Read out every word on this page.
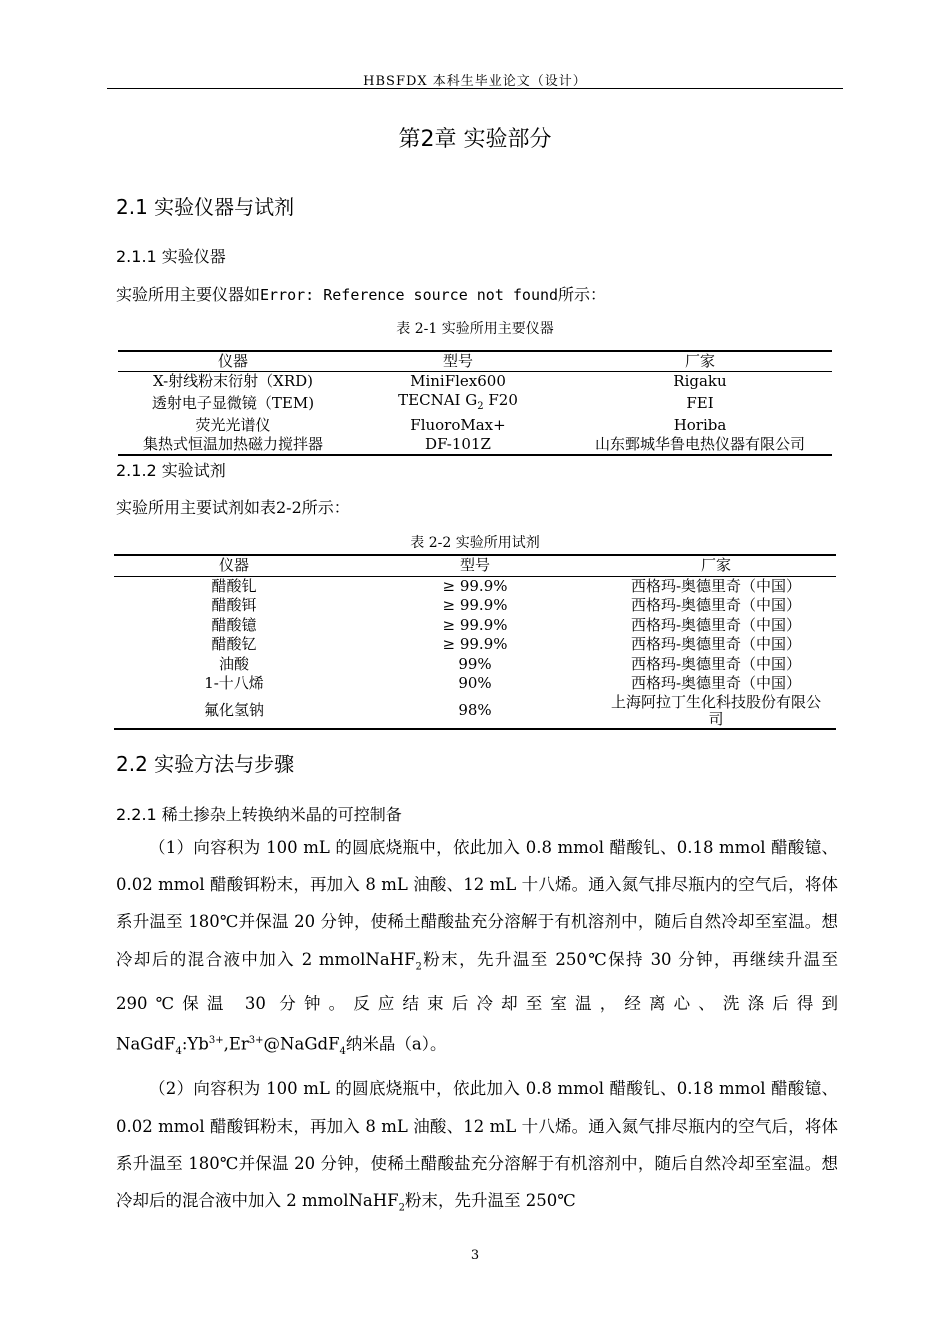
HBSFDX 本科生毕业论文（设计）
第2章 实验部分
2.1 实验仪器与试剂
2.1.1 实验仪器
实验所用主要仪器如Error: Reference source not found所示：
表 2-1 实验所用主要仪器
仪器	型号	厂家
X-射线粉末衍射（XRD)	MiniFlex600	Rigaku
透射电子显微镜（TEM)	TECNAI $G_2$ F20	FEI
荧光光谱仪	FluoroMax+	Horiba
集热式恒温加热磁力搅拌器	DF-101Z	山东鄄城华鲁电热仪器有限公司
2.1.2 实验试剂
实验所用主要试剂如表2-2所示：
表 2-2 实验所用试剂
仪器	型号	厂家
醋酸钆	≥ 99.9%	西格玛-奥德里奇（中国）
醋酸铒	≥ 99.9%	西格玛-奥德里奇（中国）
醋酸镱	≥ 99.9%	西格玛-奥德里奇（中国）
醋酸钇	≥ 99.9%	西格玛-奥德里奇（中国）
油酸	99%	西格玛-奥德里奇（中国）
1-十八烯	90%	西格玛-奥德里奇（中国）
氟化氢钠	98%	上海阿拉丁生化科技股份有限公司
2.2 实验方法与步骤
2.2.1 稀土掺杂上转换纳米晶的可控制备

（1）向容积为 100 mL 的圆底烧瓶中，依此加入 0.8 mmol 醋酸钆、0.18 mmol 醋酸镱、0.02 mmol 醋酸铒粉末，再加入 8 mL 油酸、12 mL 十八烯。通入氮气排尽瓶内的空气后，将体系升温至 180℃并保温 20 分钟，使稀土醋酸盐充分溶解于有机溶剂中，随后自然冷却至室温。想冷却后的混合液中加入 2 mmolNaHF$_2$粉末，先升温至 250℃保持 30 分钟，再继续升温至 290℃保温 30 分钟。反应结束后冷却至室温，经离心、洗涤后得到 $NaGdF_4:Yb^{3+},Er^{3+}@NaGdF_4$纳米晶（a）。

（2）向容积为 100 mL 的圆底烧瓶中，依此加入 0.8 mmol 醋酸钆、0.18 mmol 醋酸镱、0.02 mmol 醋酸铒粉末，再加入 8 mL 油酸、12 mL 十八烯。通入氮气排尽瓶内的空气后，将体系升温至 180℃并保温 20 分钟，使稀土醋酸盐充分溶解于有机溶剂中，随后自然冷却至室温。想冷却后的混合液中加入 2 mmolNaHF$_2$粉末，先升温至 250℃

3
